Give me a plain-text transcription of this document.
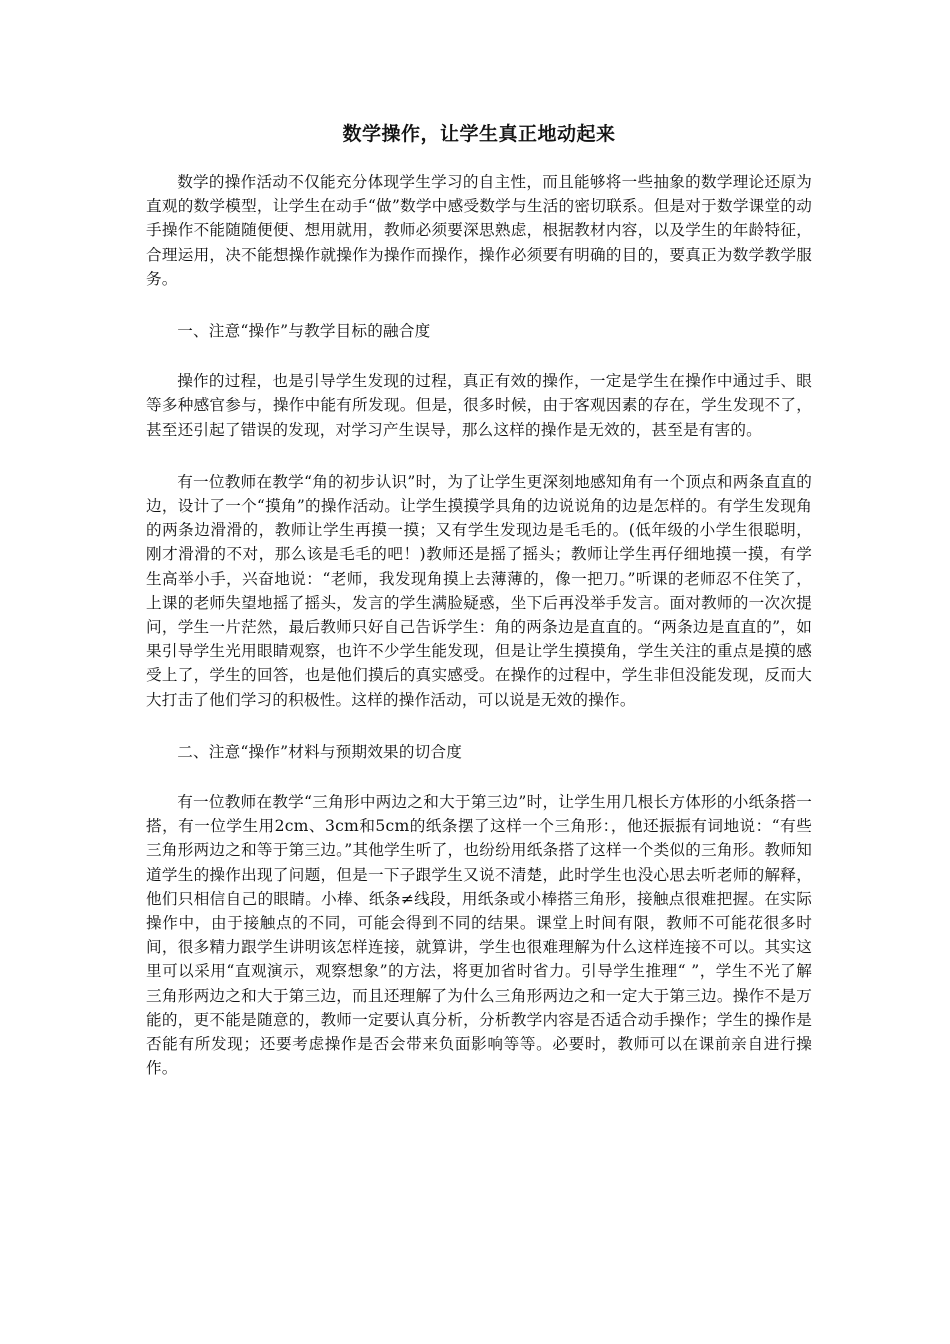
数学操作，让学生真正地动起来

数学的操作活动不仅能充分体现学生学习的自主性，而且能够将一些抽象的数学理论还原为直观的数学模型，让学生在动手“做”数学中感受数学与生活的密切联系。但是对于数学课堂的动手操作不能随随便便、想用就用，教师必须要深思熟虑，根据教材内容，以及学生的年龄特征，合理运用，决不能想操作就操作为操作而操作，操作必须要有明确的目的，要真正为数学教学服务。

一、注意“操作”与教学目标的融合度

操作的过程，也是引导学生发现的过程，真正有效的操作，一定是学生在操作中通过手、眼等多种感官参与，操作中能有所发现。但是，很多时候，由于客观因素的存在，学生发现不了，甚至还引起了错误的发现，对学习产生误导，那么这样的操作是无效的，甚至是有害的。

有一位教师在教学“角的初步认识”时，为了让学生更深刻地感知角有一个顶点和两条直直的边，设计了一个“摸角”的操作活动。让学生摸摸学具角的边说说角的边是怎样的。有学生发现角的两条边滑滑的，教师让学生再摸一摸；又有学生发现边是毛毛的。(低年级的小学生很聪明，刚才滑滑的不对，那么该是毛毛的吧！)教师还是摇了摇头；教师让学生再仔细地摸一摸，有学生高举小手，兴奋地说：“老师，我发现角摸上去薄薄的，像一把刀。”听课的老师忍不住笑了，上课的老师失望地摇了摇头，发言的学生满脸疑惑，坐下后再没举手发言。面对教师的一次次提问，学生一片茫然，最后教师只好自己告诉学生：角的两条边是直直的。“两条边是直直的”，如果引导学生光用眼睛观察，也许不少学生能发现，但是让学生摸摸角，学生关注的重点是摸的感受上了，学生的回答，也是他们摸后的真实感受。在操作的过程中，学生非但没能发现，反而大大打击了他们学习的积极性。这样的操作活动，可以说是无效的操作。

二、注意“操作”材料与预期效果的切合度

有一位教师在教学“三角形中两边之和大于第三边”时，让学生用几根长方体形的小纸条搭一搭，有一位学生用2cm、3cm和5cm的纸条摆了这样一个三角形：，他还振振有词地说：“有些三角形两边之和等于第三边。”其他学生听了，也纷纷用纸条搭了这样一个类似的三角形。教师知道学生的操作出现了问题，但是一下子跟学生又说不清楚，此时学生也没心思去听老师的解释，他们只相信自己的眼睛。小棒、纸条≠线段，用纸条或小棒搭三角形，接触点很难把握。在实际操作中，由于接触点的不同，可能会得到不同的结果。课堂上时间有限，教师不可能花很多时间，很多精力跟学生讲明该怎样连接，就算讲，学生也很难理解为什么这样连接不可以。其实这里可以采用“直观演示，观察想象”的方法，将更加省时省力。引导学生推理“ ”，学生不光了解三角形两边之和大于第三边，而且还理解了为什么三角形两边之和一定大于第三边。操作不是万能的，更不能是随意的，教师一定要认真分析，分析教学内容是否适合动手操作；学生的操作是否能有所发现；还要考虑操作是否会带来负面影响等等。必要时，教师可以在课前亲自进行操作。
